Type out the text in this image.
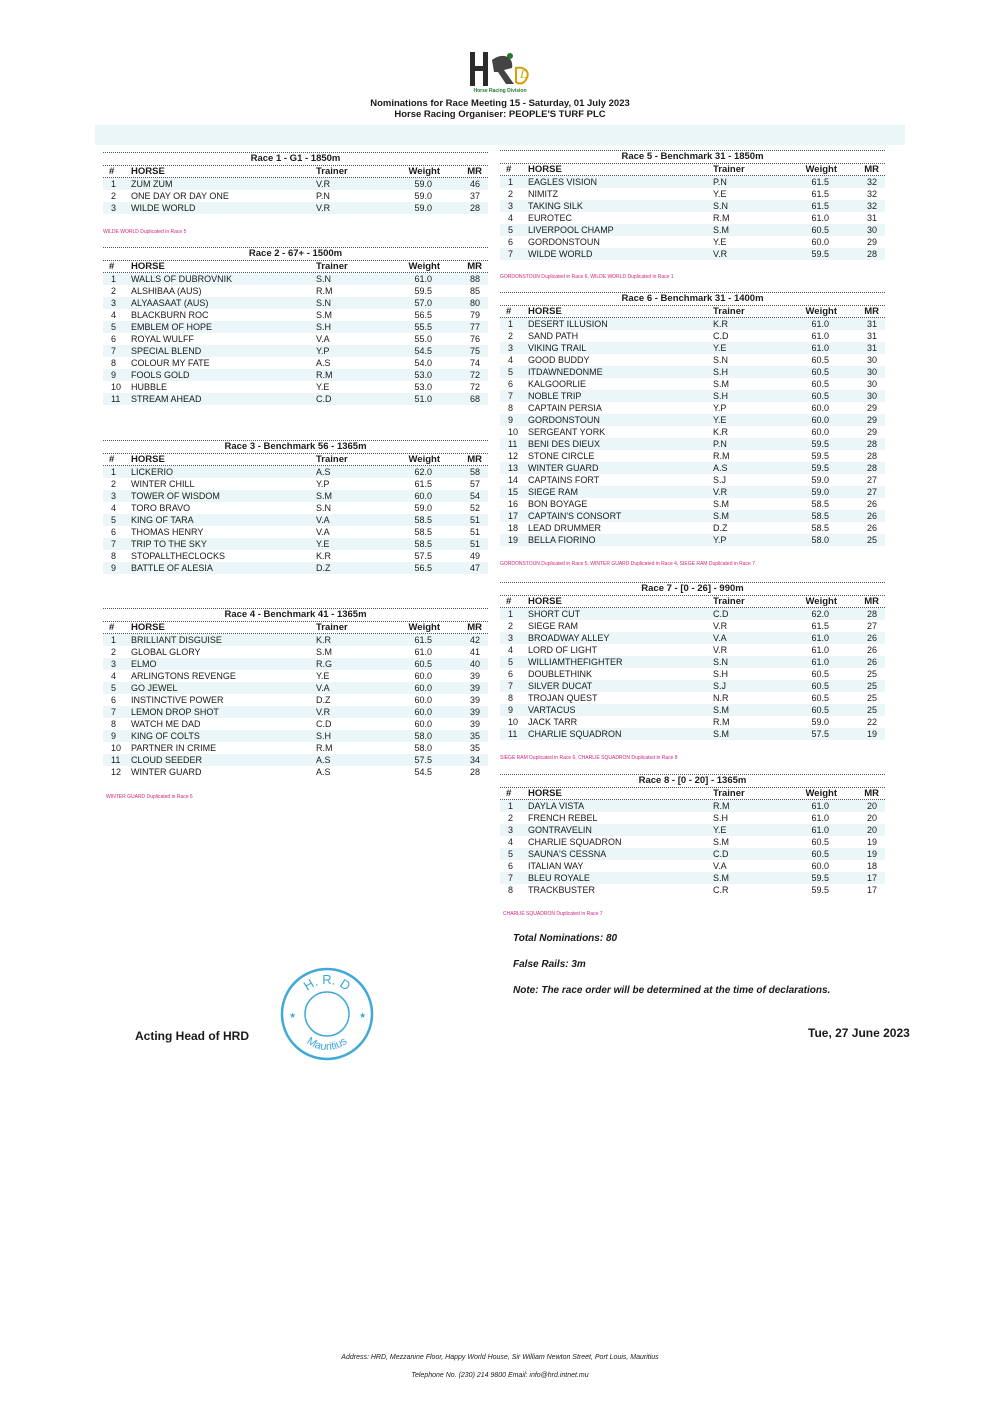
D
Horse Racing Division
Nominations for Race Meeting 15 - Saturday, 01 July 2023
Horse Racing Organiser: PEOPLE'S TURF PLC
Race 1 - G1 - 1850m
#	HORSE	Trainer	Weight	MR
1	ZUM ZUM	V.R	59.0	46
2	ONE DAY OR DAY ONE	P.N	59.0	37
3	WILDE WORLD	V.R	59.0	28
WILDE WORLD Duplicated in Race 5
Race 2 - 67+ - 1500m
#	HORSE	Trainer	Weight	MR
1	WALLS OF DUBROVNIK	S.N	61.0	88
2	ALSHIBAA (AUS)	R.M	59.5	85
3	ALYAASAAT (AUS)	S.N	57.0	80
4	BLACKBURN ROC	S.M	56.5	79
5	EMBLEM OF HOPE	S.H	55.5	77
6	ROYAL WULFF	V.A	55.0	76
7	SPECIAL BLEND	Y.P	54.5	75
8	COLOUR MY FATE	A.S	54.0	74
9	FOOLS GOLD	R.M	53.0	72
10	HUBBLE	Y.E	53.0	72
11	STREAM AHEAD	C.D	51.0	68
Race 3 - Benchmark 56 - 1365m
#	HORSE	Trainer	Weight	MR
1	LICKERIO	A.S	62.0	58
2	WINTER CHILL	Y.P	61.5	57
3	TOWER OF WISDOM	S.M	60.0	54
4	TORO BRAVO	S.N	59.0	52
5	KING OF TARA	V.A	58.5	51
6	THOMAS HENRY	V.A	58.5	51
7	TRIP TO THE SKY	Y.E	58.5	51
8	STOPALLTHECLOCKS	K.R	57.5	49
9	BATTLE OF ALESIA	D.Z	56.5	47
Race 4 - Benchmark 41 - 1365m
#	HORSE	Trainer	Weight	MR
1	BRILLIANT DISGUISE	K.R	61.5	42
2	GLOBAL GLORY	S.M	61.0	41
3	ELMO	R.G	60.5	40
4	ARLINGTONS REVENGE	Y.E	60.0	39
5	GO JEWEL	V.A	60.0	39
6	INSTINCTIVE POWER	D.Z	60.0	39
7	LEMON DROP SHOT	V.R	60.0	39
8	WATCH ME DAD	C.D	60.0	39
9	KING OF COLTS	S.H	58.0	35
10	PARTNER IN CRIME	R.M	58.0	35
11	CLOUD SEEDER	A.S	57.5	34
12	WINTER GUARD	A.S	54.5	28
WINTER GUARD Duplicated in Race 6
Race 5 - Benchmark 31 - 1850m
#	HORSE	Trainer	Weight	MR
1	EAGLES VISION	P.N	61.5	32
2	NIMITZ	Y.E	61.5	32
3	TAKING SILK	S.N	61.5	32
4	EUROTEC	R.M	61.0	31
5	LIVERPOOL CHAMP	S.M	60.5	30
6	GORDONSTOUN	Y.E	60.0	29
7	WILDE WORLD	V.R	59.5	28
GORDONSTOUN Duplicated in Race 6, WILDE WORLD Duplicated in Race 1
Race 6 - Benchmark 31 - 1400m
#	HORSE	Trainer	Weight	MR
1	DESERT ILLUSION	K.R	61.0	31
2	SAND PATH	C.D	61.0	31
3	VIKING TRAIL	Y.E	61.0	31
4	GOOD BUDDY	S.N	60.5	30
5	ITDAWNEDONME	S.H	60.5	30
6	KALGOORLIE	S.M	60.5	30
7	NOBLE TRIP	S.H	60.5	30
8	CAPTAIN PERSIA	Y.P	60.0	29
9	GORDONSTOUN	Y.E	60.0	29
10	SERGEANT YORK	K.R	60.0	29
11	BENI DES DIEUX	P.N	59.5	28
12	STONE CIRCLE	R.M	59.5	28
13	WINTER GUARD	A.S	59.5	28
14	CAPTAINS FORT	S.J	59.0	27
15	SIEGE RAM	V.R	59.0	27
16	BON BOYAGE	S.M	58.5	26
17	CAPTAIN'S CONSORT	S.M	58.5	26
18	LEAD DRUMMER	D.Z	58.5	26
19	BELLA FIORINO	Y.P	58.0	25
GORDONSTOUN Duplicated in Race 5, WINTER GUARD Duplicated in Race 4, SIEGE RAM Duplicated in Race 7
Race 7 - [0 - 26] - 990m
#	HORSE	Trainer	Weight	MR
1	SHORT CUT	C.D	62.0	28
2	SIEGE RAM	V.R	61.5	27
3	BROADWAY ALLEY	V.A	61.0	26
4	LORD OF LIGHT	V.R	61.0	26
5	WILLIAMTHEFIGHTER	S.N	61.0	26
6	DOUBLETHINK	S.H	60.5	25
7	SILVER DUCAT	S.J	60.5	25
8	TROJAN QUEST	N.R	60.5	25
9	VARTACUS	S.M	60.5	25
10	JACK TARR	R.M	59.0	22
11	CHARLIE SQUADRON	S.M	57.5	19
SIEGE RAM Duplicated in Race 6, CHARLIE SQUADRON Duplicated in Race 8
Race 8 - [0 - 20] - 1365m
#	HORSE	Trainer	Weight	MR
1	DAYLA VISTA	R.M	61.0	20
2	FRENCH REBEL	S.H	61.0	20
3	GONTRAVELIN	Y.E	61.0	20
4	CHARLIE SQUADRON	S.M	60.5	19
5	SAUNA'S CESSNA	C.D	60.5	19
6	ITALIAN WAY	V.A	60.0	18
7	BLEU ROYALE	S.M	59.5	17
8	TRACKBUSTER	C.R	59.5	17
CHARLIE SQUADRON Duplicated in Race 7
Total Nominations: 80
False Rails: 3m
Note: The race order will be determined at the time of declarations.
H. R. D
Mauritius
★	★
Acting Head of HRD	Tue, 27 June 2023
Address: HRD, Mezzanine Floor, Happy World House, Sir William Newton Street, Port Louis, Mauritius
Telephone No. (230) 214 9800 Email: info@hrd.intnet.mu
